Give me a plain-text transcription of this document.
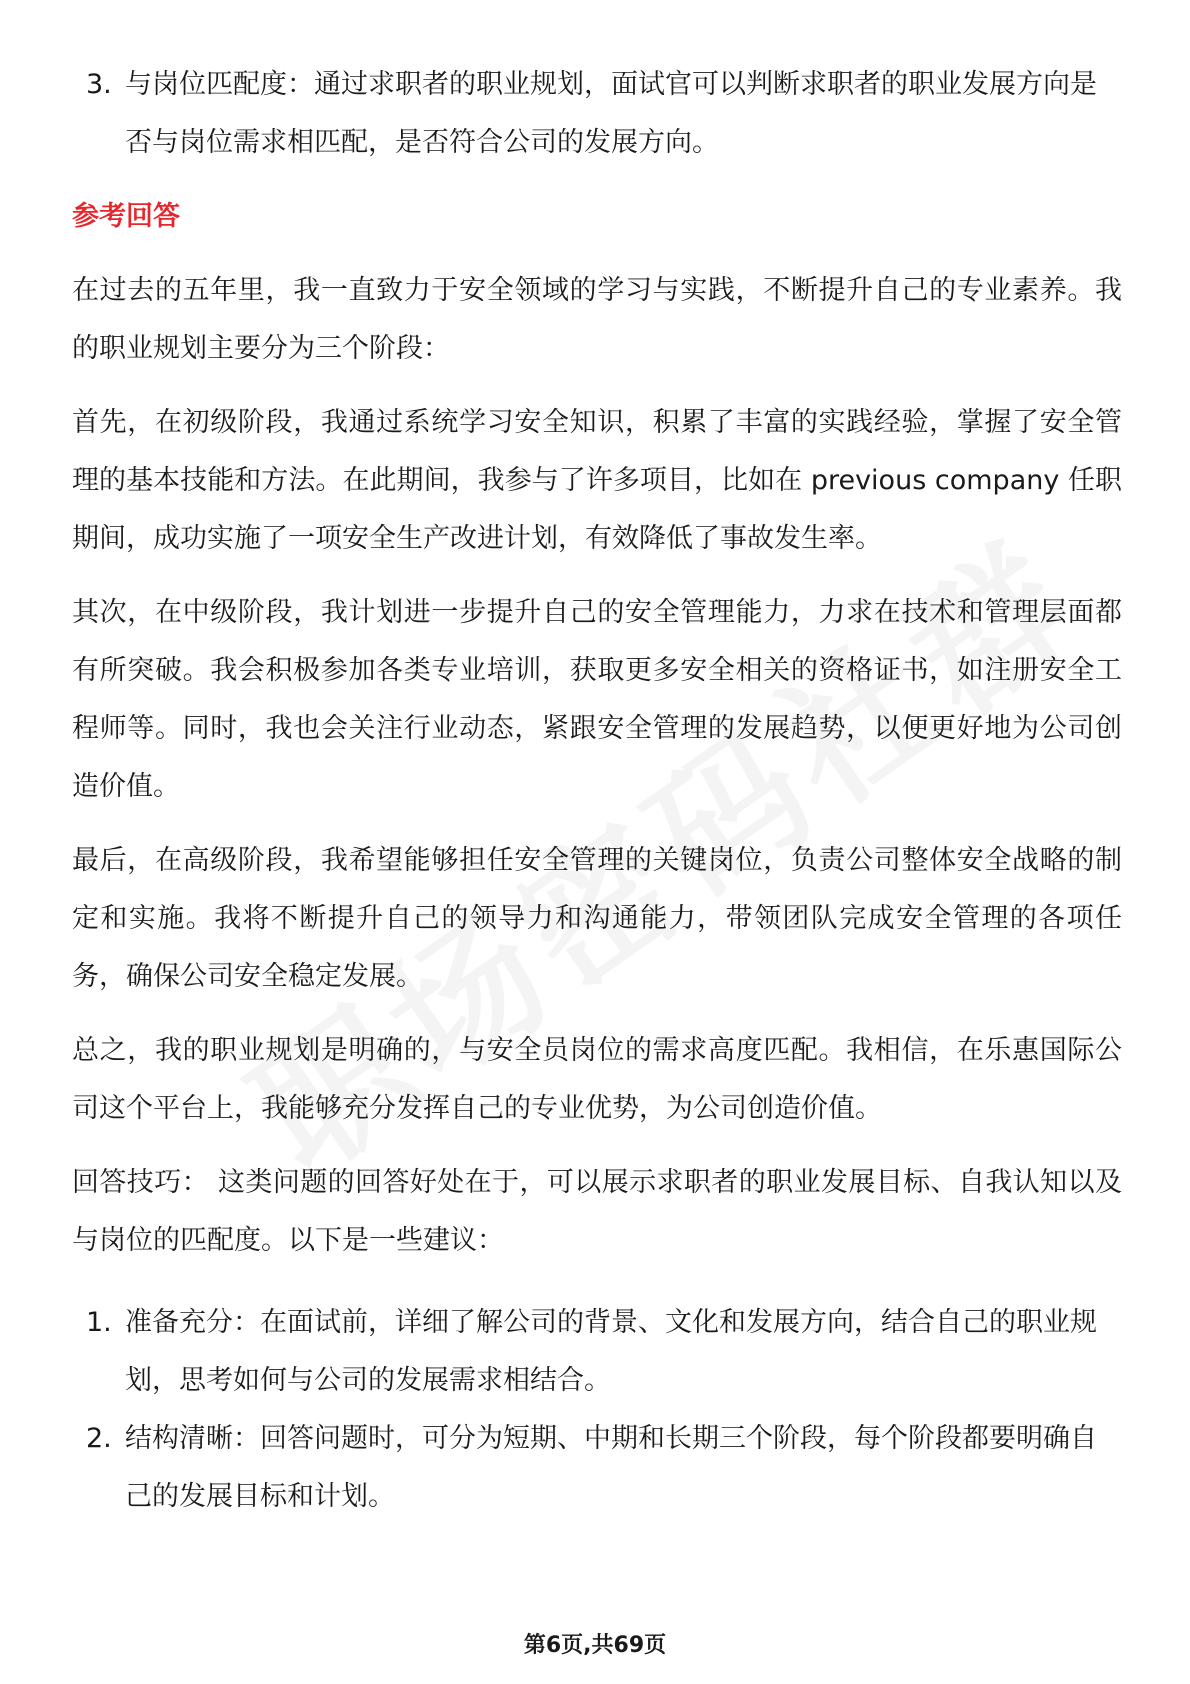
3. 与岗位匹配度：通过求职者的职业规划，面试官可以判断求职者的职业发展方向是否与岗位需求相匹配，是否符合公司的发展方向。
参考回答

在过去的五年里，我一直致力于安全领域的学习与实践，不断提升自己的专业素养。我的职业规划主要分为三个阶段：

首先，在初级阶段，我通过系统学习安全知识，积累了丰富的实践经验，掌握了安全管理的基本技能和方法。在此期间，我参与了许多项目，比如在 previous company 任职期间，成功实施了一项安全生产改进计划，有效降低了事故发生率。

其次，在中级阶段，我计划进一步提升自己的安全管理能力，力求在技术和管理层面都有所突破。我会积极参加各类专业培训，获取更多安全相关的资格证书，如注册安全工程师等。同时，我也会关注行业动态，紧跟安全管理的发展趋势，以便更好地为公司创造价值。

最后，在高级阶段，我希望能够担任安全管理的关键岗位，负责公司整体安全战略的制定和实施。我将不断提升自己的领导力和沟通能力，带领团队完成安全管理的各项任务，确保公司安全稳定发展。

总之，我的职业规划是明确的，与安全员岗位的需求高度匹配。我相信，在乐惠国际公司这个平台上，我能够充分发挥自己的专业优势，为公司创造价值。

回答技巧： 这类问题的回答好处在于，可以展示求职者的职业发展目标、自我认知以及与岗位的匹配度。以下是一些建议：

1. 准备充分：在面试前，详细了解公司的背景、文化和发展方向，结合自己的职业规划，思考如何与公司的发展需求相结合。
2. 结构清晰：回答问题时，可分为短期、中期和长期三个阶段，每个阶段都要明确自己的发展目标和计划。
第6页,共69页
